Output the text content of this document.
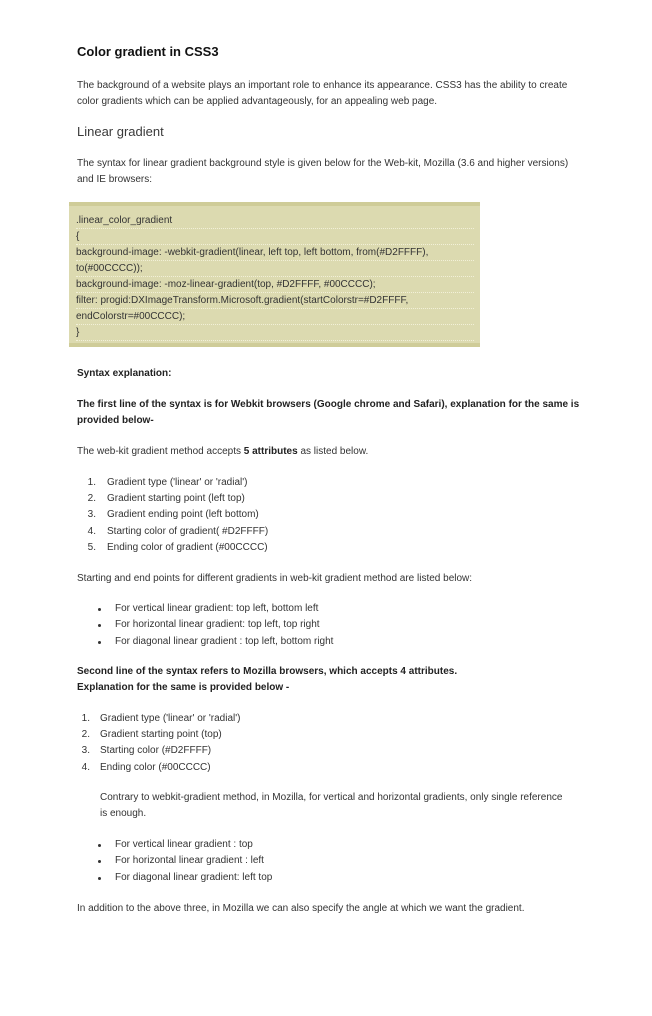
Color gradient in CSS3

The background of a website plays an important role to enhance its appearance. CSS3 has the ability to create color gradients which can be applied advantageously, for an appealing web page.

Linear gradient

The syntax for linear gradient background style is given below for the Web-kit, Mozilla (3.6 and higher versions) and IE browsers:

.linear_color_gradient
{
background-image: -webkit-gradient(linear, left top, left bottom, from(#D2FFFF),
to(#00CCCC));
background-image: -moz-linear-gradient(top, #D2FFFF, #00CCCC);
filter: progid:DXImageTransform.Microsoft.gradient(startColorstr=#D2FFFF,
endColorstr=#00CCCC);
}
Syntax explanation:

The first line of the syntax is for Webkit browsers (Google chrome and Safari), explanation for the same is provided below-

The web-kit gradient method accepts 5 attributes as listed below.

1. Gradient type ('linear' or 'radial')
2. Gradient starting point (left top)
3. Gradient ending point (left bottom)
4. Starting color of gradient( #D2FFFF)
5. Ending color of gradient (#00CCCC)

Starting and end points for different gradients in web-kit gradient method are listed below:

For vertical linear gradient: top left, bottom left
For horizontal linear gradient: top left, top right
For diagonal linear gradient : top left, bottom right
Second line of the syntax refers to Mozilla browsers, which accepts 4 attributes.
Explanation for the same is provided below -
1. Gradient type ('linear' or 'radial')
2. Gradient starting point (top)
3. Starting color (#D2FFFF)
4. Ending color (#00CCCC)

Contrary to webkit-gradient method, in Mozilla, for vertical and horizontal gradients, only single reference is enough.

For vertical linear gradient : top
For horizontal linear gradient : left
For diagonal linear gradient: left top

In addition to the above three, in Mozilla we can also specify the angle at which we want the gradient.
